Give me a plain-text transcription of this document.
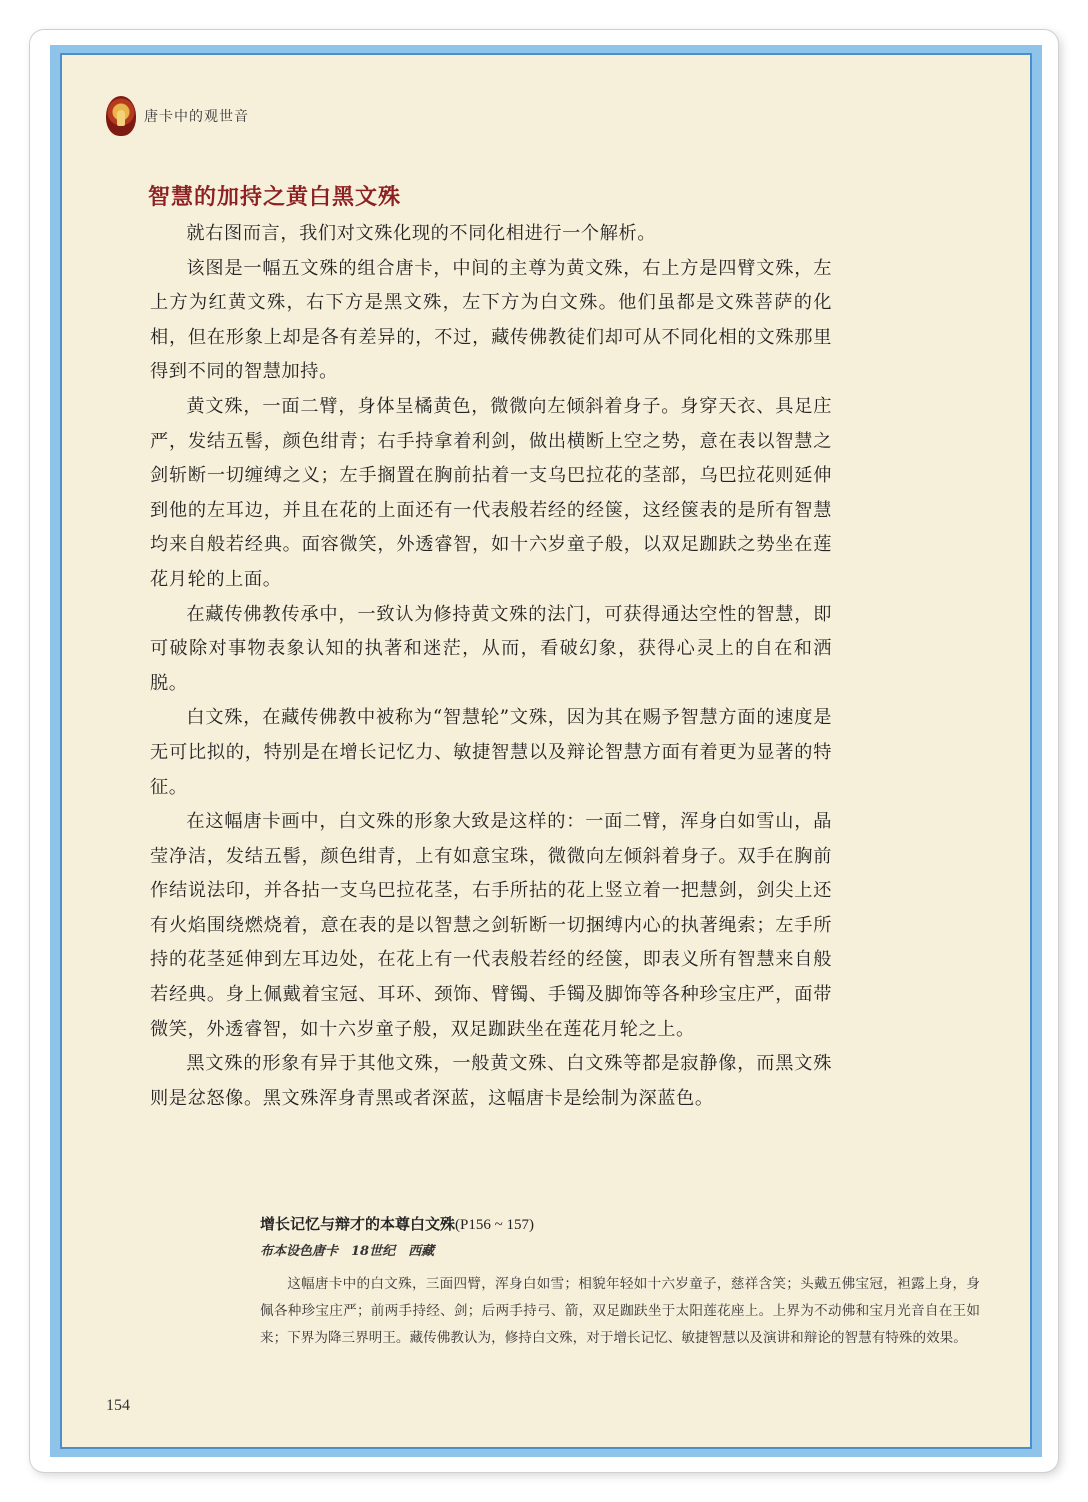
唐卡中的观世音
智慧的加持之黄白黑文殊

就右图而言，我们对文殊化现的不同化相进行一个解析。

该图是一幅五文殊的组合唐卡，中间的主尊为黄文殊，右上方是四臂文殊，左上方为红黄文殊，右下方是黑文殊，左下方为白文殊。他们虽都是文殊菩萨的化相，但在形象上却是各有差异的，不过，藏传佛教徒们却可从不同化相的文殊那里得到不同的智慧加持。

黄文殊，一面二臂，身体呈橘黄色，微微向左倾斜着身子。身穿天衣、具足庄严，发结五髻，颜色绀青；右手持拿着利剑，做出横断上空之势，意在表以智慧之剑斩断一切缠缚之义；左手搁置在胸前拈着一支乌巴拉花的茎部，乌巴拉花则延伸到他的左耳边，并且在花的上面还有一代表般若经的经箧，这经箧表的是所有智慧均来自般若经典。面容微笑，外透睿智，如十六岁童子般，以双足跏趺之势坐在莲花月轮的上面。

在藏传佛教传承中，一致认为修持黄文殊的法门，可获得通达空性的智慧，即可破除对事物表象认知的执著和迷茫，从而，看破幻象，获得心灵上的自在和洒脱。

白文殊，在藏传佛教中被称为“智慧轮”文殊，因为其在赐予智慧方面的速度是无可比拟的，特别是在增长记忆力、敏捷智慧以及辩论智慧方面有着更为显著的特征。

在这幅唐卡画中，白文殊的形象大致是这样的：一面二臂，浑身白如雪山，晶莹净洁，发结五髻，颜色绀青，上有如意宝珠，微微向左倾斜着身子。双手在胸前作结说法印，并各拈一支乌巴拉花茎，右手所拈的花上竖立着一把慧剑，剑尖上还有火焰围绕燃烧着，意在表的是以智慧之剑斩断一切捆缚内心的执著绳索；左手所持的花茎延伸到左耳边处，在花上有一代表般若经的经箧，即表义所有智慧来自般若经典。身上佩戴着宝冠、耳环、颈饰、臂镯、手镯及脚饰等各种珍宝庄严，面带微笑，外透睿智，如十六岁童子般，双足跏趺坐在莲花月轮之上。

黑文殊的形象有异于其他文殊，一般黄文殊、白文殊等都是寂静像，而黑文殊则是忿怒像。黑文殊浑身青黑或者深蓝，这幅唐卡是绘制为深蓝色。

增长记忆与辩才的本尊白文殊(P156 ~ 157)

布本设色唐卡　18世纪　西藏

这幅唐卡中的白文殊，三面四臂，浑身白如雪；相貌年轻如十六岁童子，慈祥含笑；头戴五佛宝冠，袒露上身，身佩各种珍宝庄严；前两手持经、剑；后两手持弓、箭，双足跏趺坐于太阳莲花座上。上界为不动佛和宝月光音自在王如来；下界为降三界明王。藏传佛教认为，修持白文殊，对于增长记忆、敏捷智慧以及演讲和辩论的智慧有特殊的效果。

154
